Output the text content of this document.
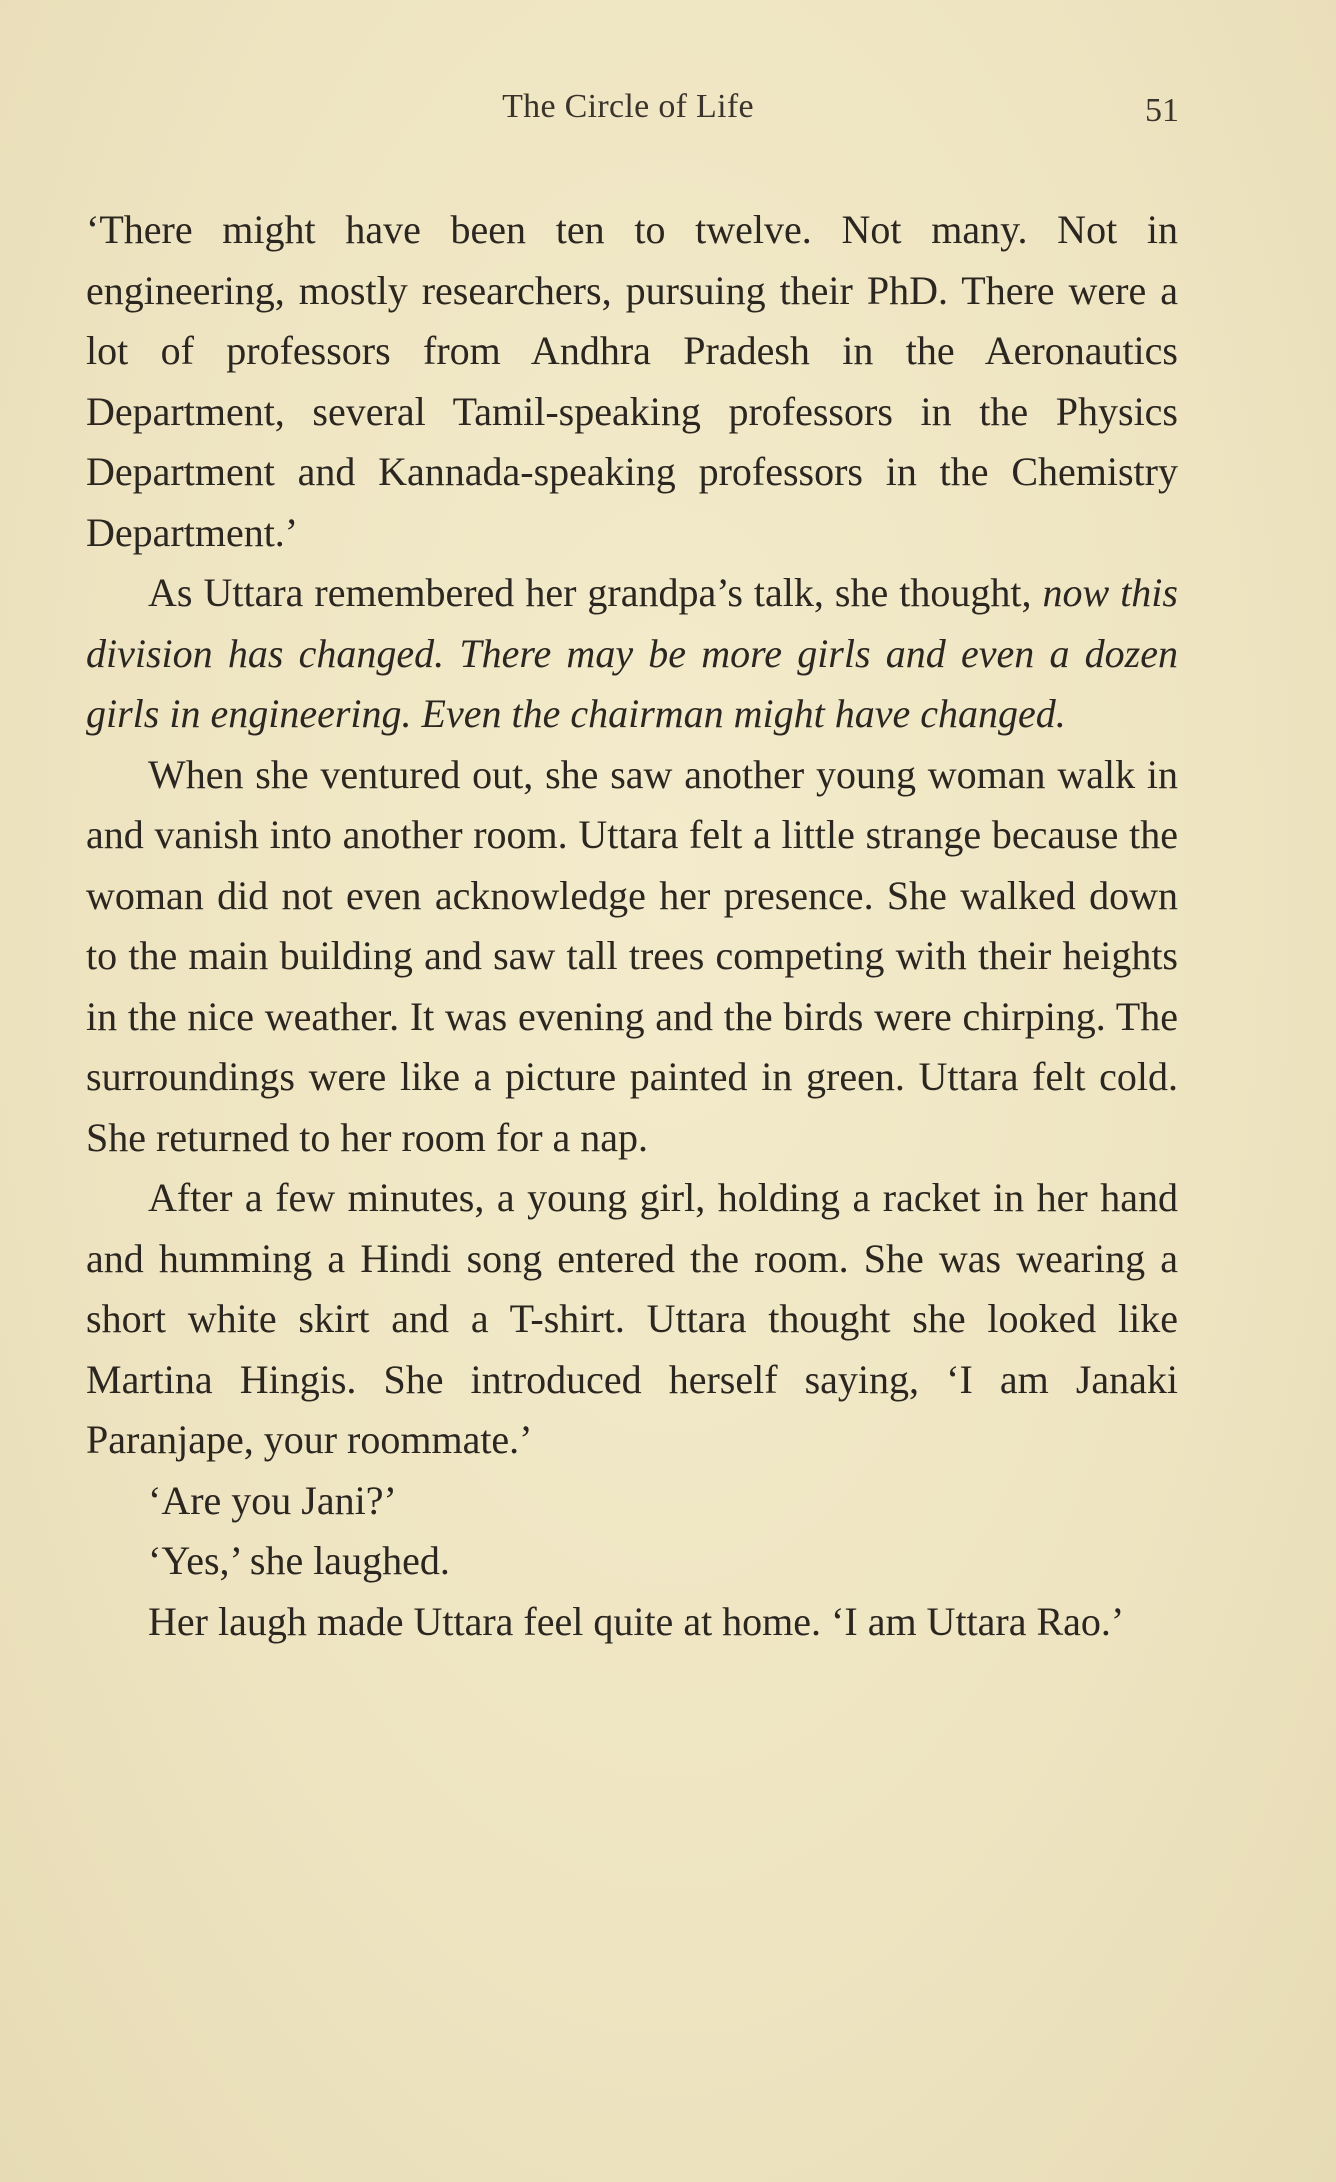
The Circle of Life	51

‘There might have been ten to twelve. Not many. Not in engineering, mostly researchers, pursuing their PhD. There were a lot of professors from Andhra Pradesh in the Aeronautics Department, several Tamil-speaking professors in the Physics Department and Kannada-speaking professors in the Chemistry Department.’

As Uttara remembered her grandpa’s talk, she thought, now this division has changed. There may be more girls and even a dozen girls in engineering. Even the chairman might have changed.

When she ventured out, she saw another young woman walk in and vanish into another room. Uttara felt a little strange because the woman did not even acknowledge her presence. She walked down to the main building and saw tall trees competing with their heights in the nice weather. It was evening and the birds were chirping. The surroundings were like a picture painted in green. Uttara felt cold. She returned to her room for a nap.

After a few minutes, a young girl, holding a racket in her hand and humming a Hindi song entered the room. She was wearing a short white skirt and a T-shirt. Uttara thought she looked like Martina Hingis. She introduced herself saying, ‘I am Janaki Paranjape, your roommate.’

‘Are you Jani?’

‘Yes,’ she laughed.

Her laugh made Uttara feel quite at home. ‘I am Uttara Rao.’
